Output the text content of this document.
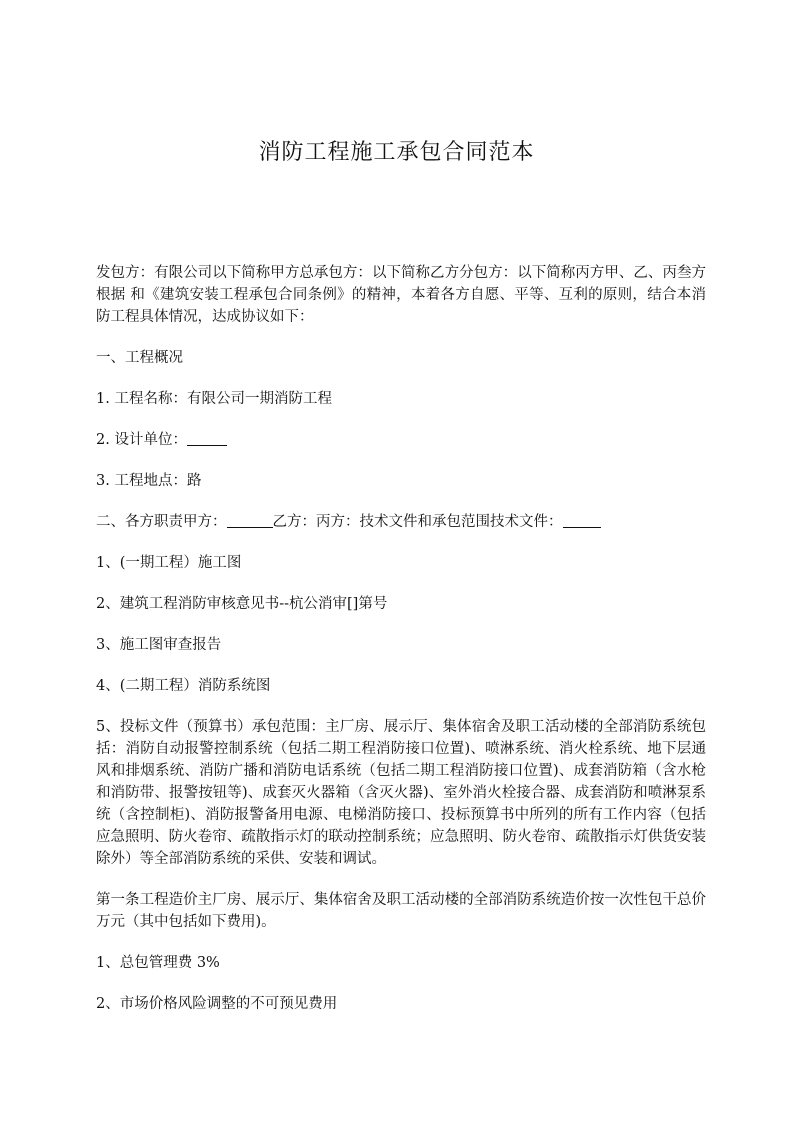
消防工程施工承包合同范本

发包方：有限公司以下简称甲方总承包方：以下简称乙方分包方：以下简称丙方甲、乙、丙叁方根据 和《建筑安装工程承包合同条例》的精神，本着各方自愿、平等、互利的原则，结合本消防工程具体情况，达成协议如下：

一、工程概况

1. 工程名称：有限公司一期消防工程

2. 设计单位：

3. 工程地点：路

二、各方职责甲方：	乙方：丙方：技术文件和承包范围技术文件：

1、(一期工程）施工图

2、建筑工程消防审核意见书--杭公消审[]第号

3、施工图审查报告

4、(二期工程）消防系统图

5、投标文件（预算书）承包范围：主厂房、展示厅、集体宿舍及职工活动楼的全部消防系统包括：消防自动报警控制系统（包括二期工程消防接口位置)、喷淋系统、消火栓系统、地下层通风和排烟系统、消防广播和消防电话系统（包括二期工程消防接口位置)、成套消防箱（含水枪和消防带、报警按钮等)、成套灭火器箱（含灭火器)、室外消火栓接合器、成套消防和喷淋泵系统（含控制柜)、消防报警备用电源、电梯消防接口、投标预算书中所列的所有工作内容（包括应急照明、防火卷帘、疏散指示灯的联动控制系统；应急照明、防火卷帘、疏散指示灯供货安装除外）等全部消防系统的采供、安装和调试。

第一条工程造价主厂房、展示厅、集体宿舍及职工活动楼的全部消防系统造价按一次性包干总价万元（其中包括如下费用)。

1、总包管理费 3%

2、市场价格风险调整的不可预见费用
